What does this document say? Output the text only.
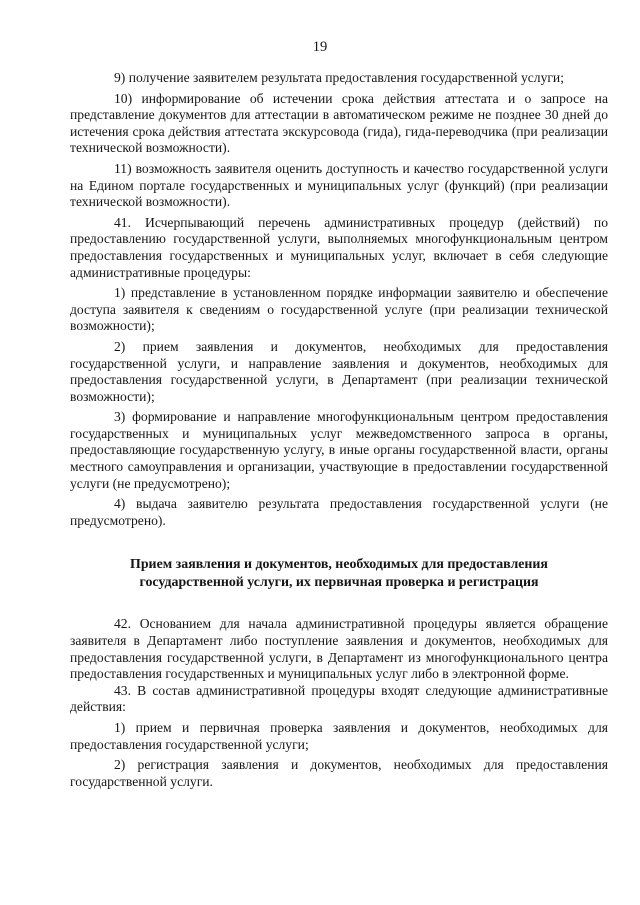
19

9) получение заявителем результата предоставления государственной услуги;

10) информирование об истечении срока действия аттестата и о запросе на представление документов для аттестации в автоматическом режиме не позднее 30 дней до истечения срока действия аттестата экскурсовода (гида), гида-переводчика (при реализации технической возможности).

11) возможность заявителя оценить доступность и качество государственной услуги на Едином портале государственных и муниципальных услуг (функций) (при реализации технической возможности).

41. Исчерпывающий перечень административных процедур (действий) по предоставлению государственной услуги, выполняемых многофункциональным центром предоставления государственных и муниципальных услуг, включает в себя следующие административные процедуры:

1) представление в установленном порядке информации заявителю и обеспечение доступа заявителя к сведениям о государственной услуге (при реализации технической возможности);

2) прием заявления и документов, необходимых для предоставления государственной услуги, и направление заявления и документов, необходимых для предоставления государственной услуги, в Департамент (при реализации технической возможности);

3) формирование и направление многофункциональным центром предоставления государственных и муниципальных услуг межведомственного запроса в органы, предоставляющие государственную услугу, в иные органы государственной власти, органы местного самоуправления и организации, участвующие в предоставлении государственной услуги (не предусмотрено);

4) выдача заявителю результата предоставления государственной услуги (не предусмотрено).

Прием заявления и документов, необходимых для предоставления
государственной услуги, их первичная проверка и регистрация

42. Основанием для начала административной процедуры является обращение заявителя в Департамент либо поступление заявления и документов, необходимых для предоставления государственной услуги, в Департамент из многофункционального центра предоставления государственных и муниципальных услуг либо в электронной форме.

43. В состав административной процедуры входят следующие административные действия:

1) прием и первичная проверка заявления и документов, необходимых для предоставления государственной услуги;

2) регистрация заявления и документов, необходимых для предоставления государственной услуги.
